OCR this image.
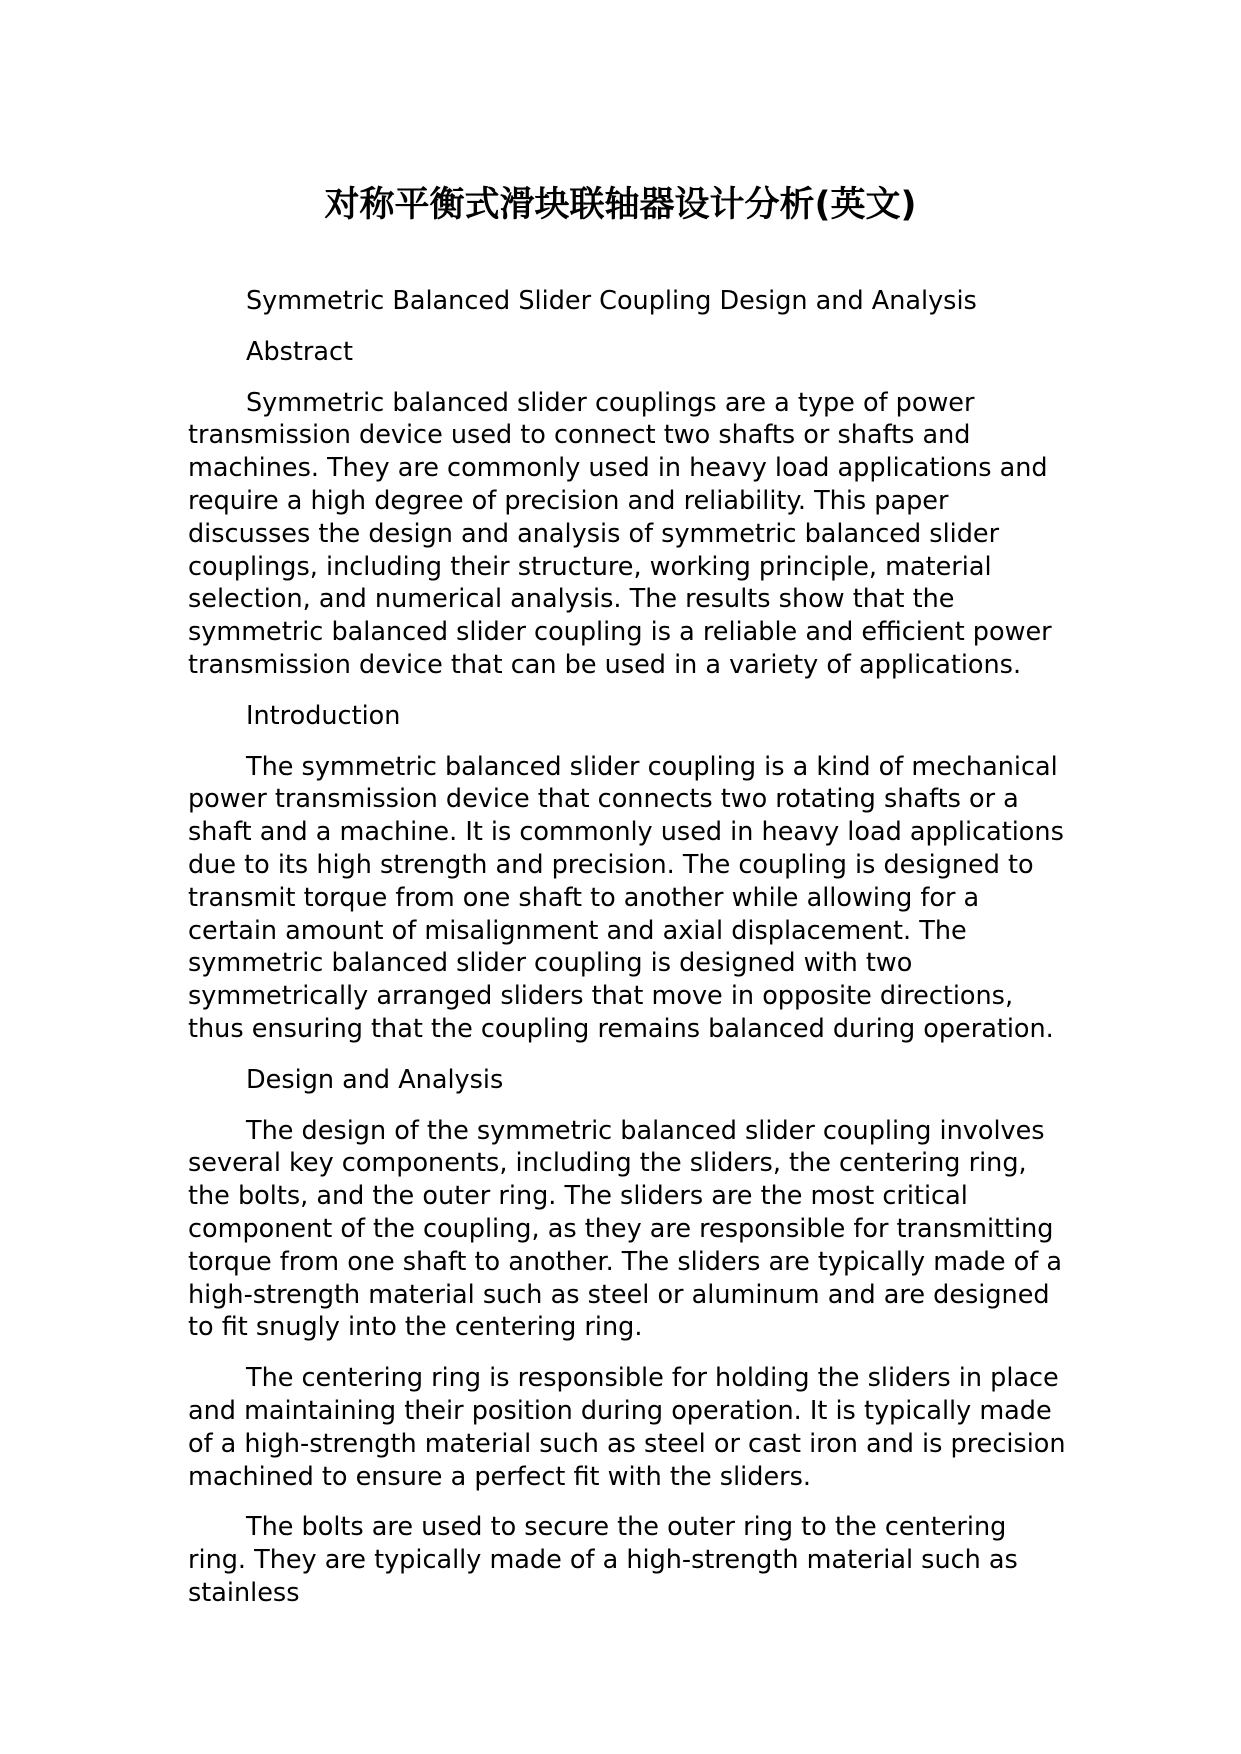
对称平衡式滑块联轴器设计分析(英文)

Symmetric Balanced Slider Coupling Design and Analysis

Abstract

Symmetric balanced slider couplings are a type of power transmission device used to connect two shafts or shafts and machines. They are commonly used in heavy load applications and require a high degree of precision and reliability. This paper discusses the design and analysis of symmetric balanced slider couplings, including their structure, working principle, material selection, and numerical analysis. The results show that the symmetric balanced slider coupling is a reliable and efficient power transmission device that can be used in a variety of applications.

Introduction

The symmetric balanced slider coupling is a kind of mechanical power transmission device that connects two rotating shafts or a shaft and a machine. It is commonly used in heavy load applications due to its high strength and precision. The coupling is designed to transmit torque from one shaft to another while allowing for a certain amount of misalignment and axial displacement. The symmetric balanced slider coupling is designed with two symmetrically arranged sliders that move in opposite directions, thus ensuring that the coupling remains balanced during operation.

Design and Analysis

The design of the symmetric balanced slider coupling involves several key components, including the sliders, the centering ring, the bolts, and the outer ring. The sliders are the most critical component of the coupling, as they are responsible for transmitting torque from one shaft to another. The sliders are typically made of a high-strength material such as steel or aluminum and are designed to fit snugly into the centering ring.

The centering ring is responsible for holding the sliders in place and maintaining their position during operation. It is typically made of a high-strength material such as steel or cast iron and is precision machined to ensure a perfect fit with the sliders.

The bolts are used to secure the outer ring to the centering ring. They are typically made of a high-strength material such as stainless
